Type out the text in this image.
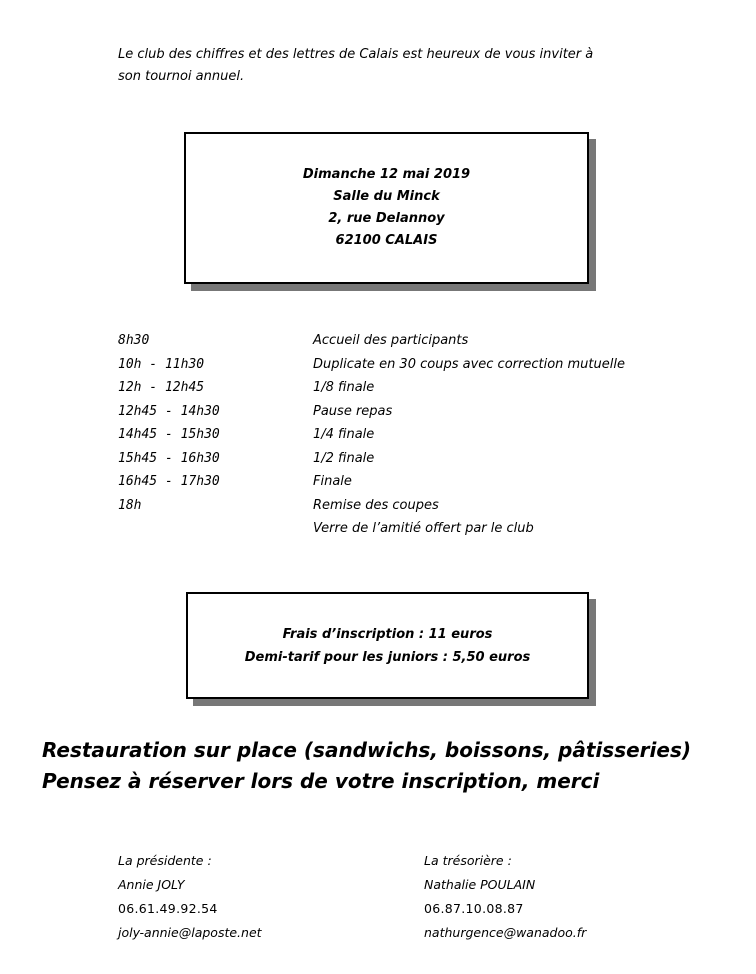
Le club des chiffres et des lettres de Calais est heureux de vous inviter à
son tournoi annuel.
Dimanche 12 mai 2019
Salle du Minck
2, rue Delannoy
62100 CALAIS
8h30	Accueil des participants
10h - 11h30	Duplicate en 30 coups avec correction mutuelle
12h - 12h45	1/8 finale
12h45 - 14h30	Pause repas
14h45 - 15h30	1/4 finale
15h45 - 16h30	1/2 finale
16h45 - 17h30	Finale
18h	Remise des coupes
Verre de l’amitié offert par le club
Frais d’inscription : 11 euros
Demi-tarif pour les juniors : 5,50 euros
Restauration sur place (sandwichs, boissons, pâtisseries)
Pensez à réserver lors de votre inscription, merci
La présidente :
Annie JOLY
06.61.49.92.54
joly-annie@laposte.net
La trésorière :
Nathalie POULAIN
06.87.10.08.87
nathurgence@wanadoo.fr
